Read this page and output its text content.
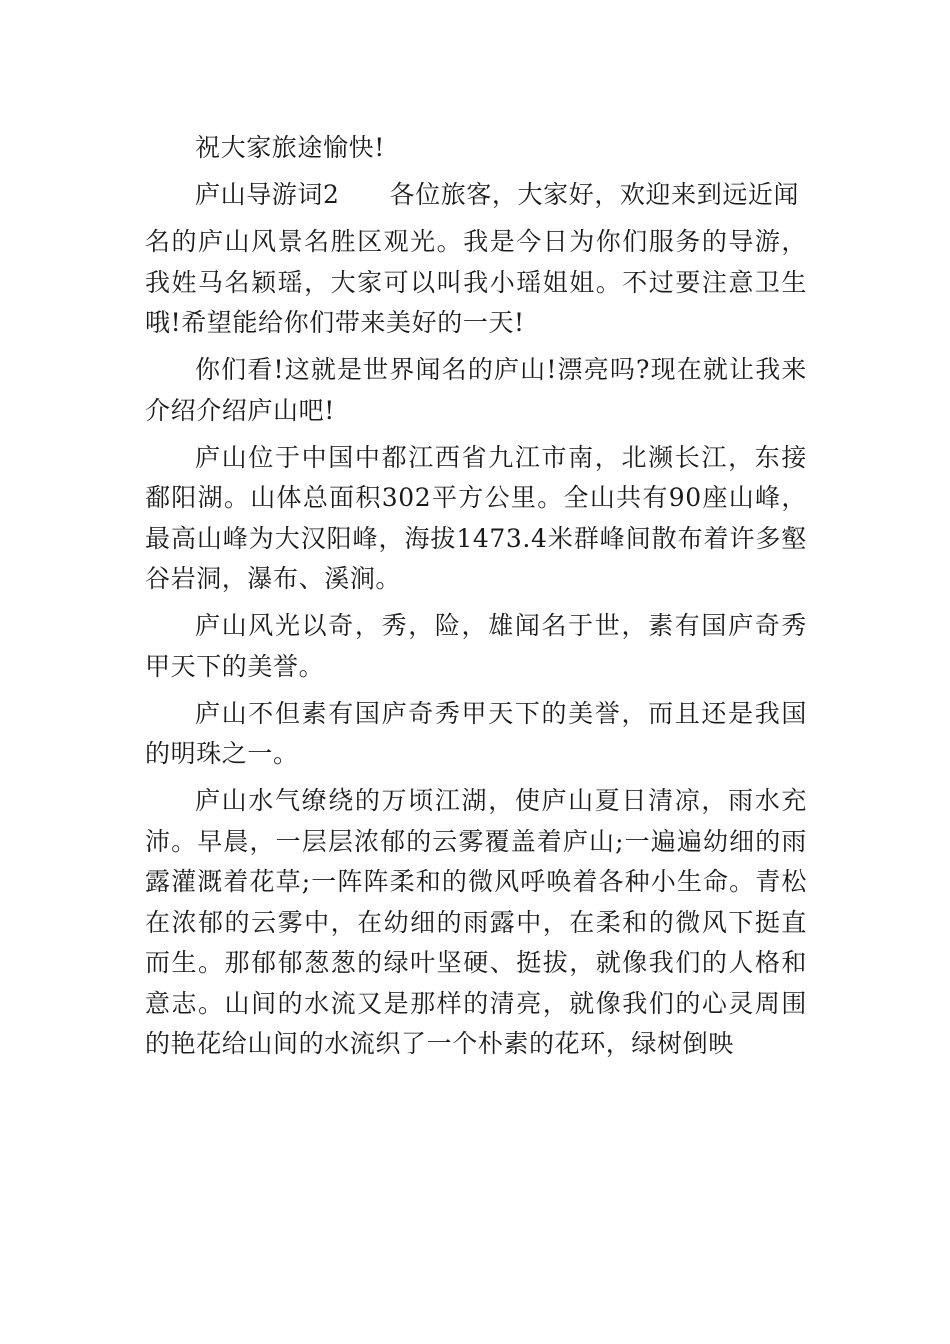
祝大家旅途愉快!

庐山导游词2 各位旅客，大家好，欢迎来到远近闻

名的庐山风景名胜区观光。我是今日为你们服务的导游，我姓马名颖瑶，大家可以叫我小瑶姐姐。不过要注意卫生哦!希望能给你们带来美好的一天!

你们看!这就是世界闻名的庐山!漂亮吗?现在就让我来介绍介绍庐山吧!

庐山位于中国中都江西省九江市南，北濒长江，东接鄱阳湖。山体总面积302平方公里。全山共有90座山峰，最高山峰为大汉阳峰，海拔1473.4米群峰间散布着许多壑谷岩洞，瀑布、溪涧。

庐山风光以奇，秀，险，雄闻名于世，素有国庐奇秀甲天下的美誉。

庐山不但素有国庐奇秀甲天下的美誉，而且还是我国的明珠之一。

庐山水气缭绕的万顷江湖，使庐山夏日清凉，雨水充沛。早晨，一层层浓郁的云雾覆盖着庐山;一遍遍幼细的雨露灌溉着花草;一阵阵柔和的微风呼唤着各种小生命。青松在浓郁的云雾中，在幼细的雨露中，在柔和的微风下挺直而生。那郁郁葱葱的绿叶坚硬、挺拔，就像我们的人格和意志。山间的水流又是那样的清亮，就像我们的心灵周围的艳花给山间的水流织了一个朴素的花环，绿树倒映
